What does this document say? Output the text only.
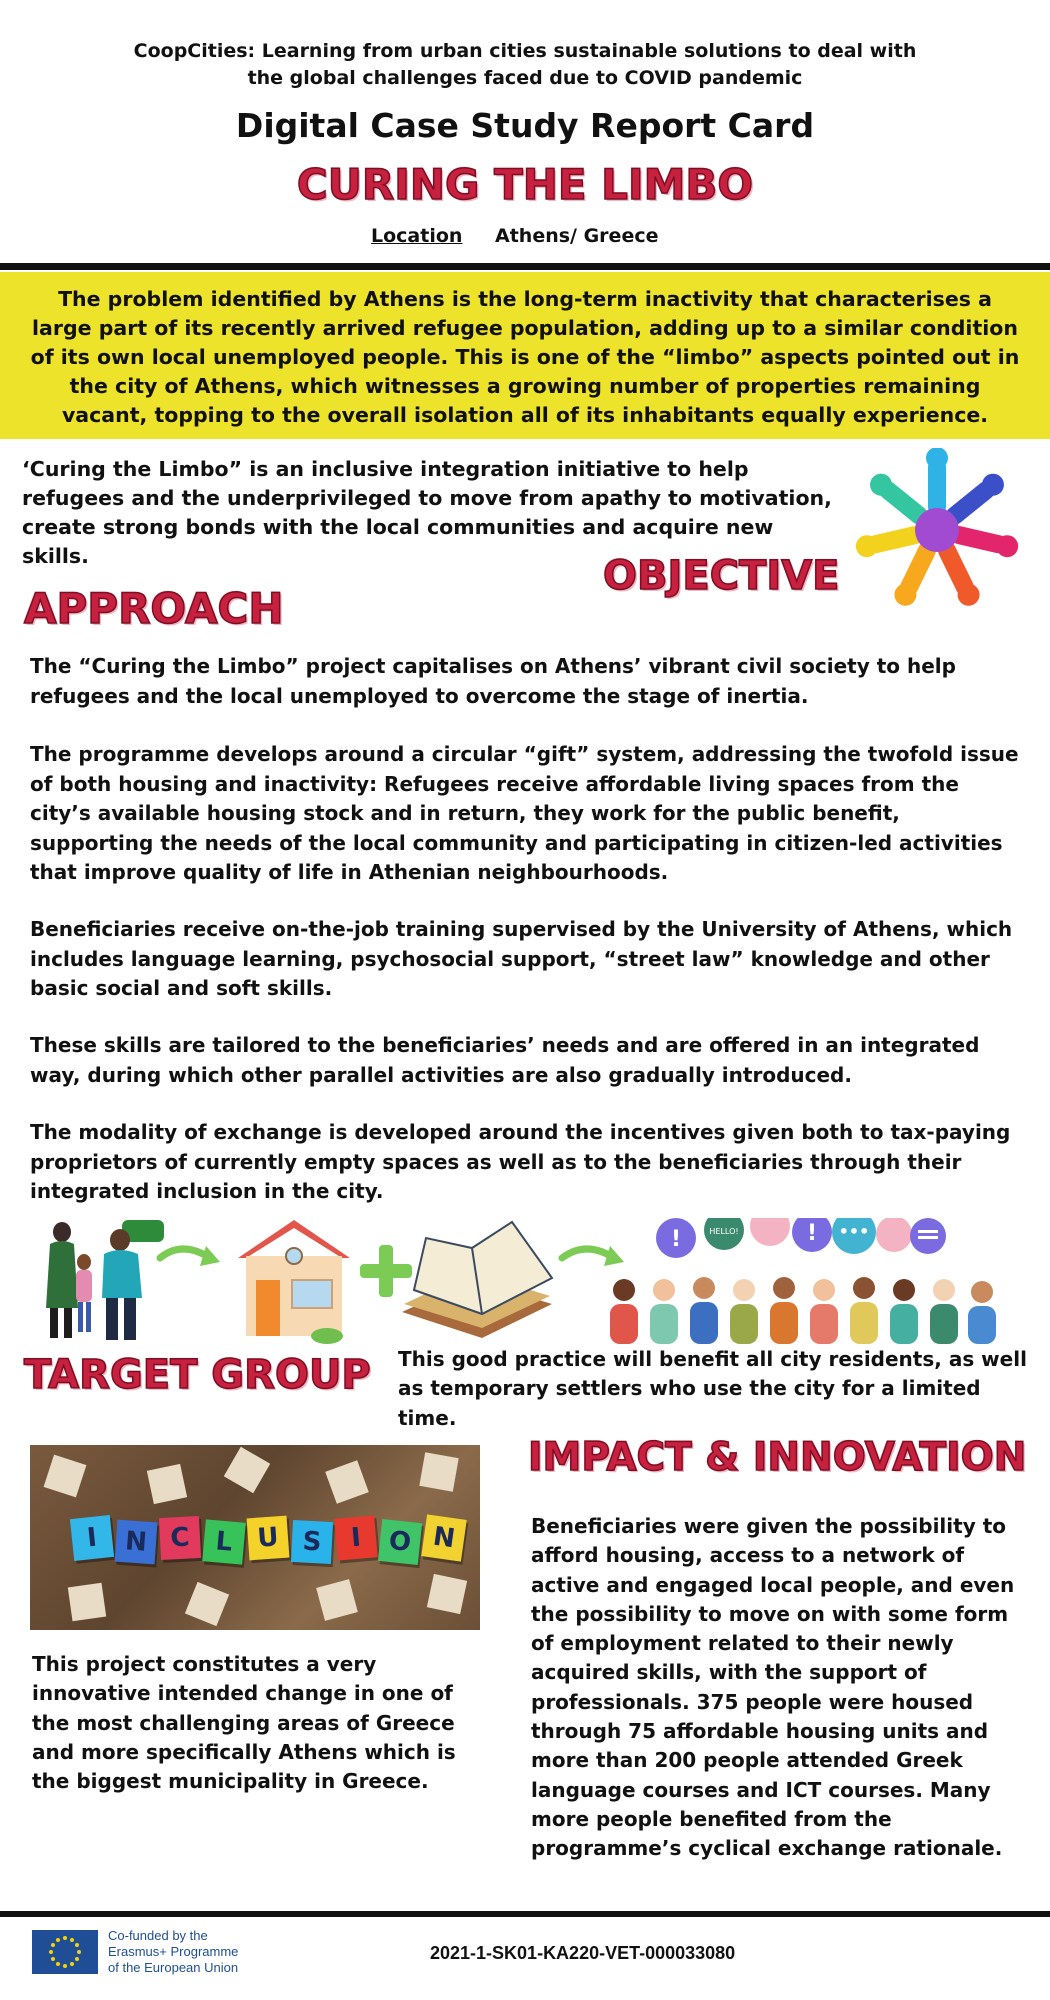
CoopCities: Learning from urban cities sustainable solutions to deal with
the global challenges faced due to COVID pandemic
Digital Case Study Report Card
CURING THE LIMBO
Location Athens/ Greece
The problem identified by Athens is the long-term inactivity that characterises a large part of its recently arrived refugee population, adding up to a similar condition of its own local unemployed people. This is one of the “limbo” aspects pointed out in the city of Athens, which witnesses a growing number of properties remaining vacant, topping to the overall isolation all of its inhabitants equally experience.
‘Curing the Limbo” is an inclusive integration initiative to help refugees and the underprivileged to move from apathy to motivation, create strong bonds with the local communities and acquire new skills.	OBJECTIVE
APPROACH
The “Curing the Limbo” project capitalises on Athens’ vibrant civil society to help refugees and the local unemployed to overcome the stage of inertia.
The programme develops around a circular “gift” system, addressing the twofold issue of both housing and inactivity: Refugees receive affordable living spaces from the city’s available housing stock and in return, they work for the public benefit, supporting the needs of the local community and participating in citizen-led activities that improve quality of life in Athenian neighbourhoods.
Beneficiaries receive on-the-job training supervised by the University of Athens, which includes language learning, psychosocial support, “street law” knowledge and other basic social and soft skills.
These skills are tailored to the beneficiaries’ needs and are offered in an integrated way, during which other parallel activities are also gradually introduced.
The modality of exchange is developed around the incentives given both to tax-paying proprietors of currently empty spaces as well as to the beneficiaries through their integrated inclusion in the city.
!	HELLO!	! •••
TARGET GROUP This good practice will benefit all city residents, as well as temporary settlers who use the city for a limited time.
I N C L U S	I O N
This project constitutes a very innovative intended change in one of the most challenging areas of Greece and more specifically Athens which is the biggest municipality in Greece.
IMPACT & INNOVATION
Beneficiaries were given the possibility to afford housing, access to a network of active and engaged local people, and even the possibility to move on with some form of employment related to their newly acquired skills, with the support of professionals. 375 people were housed through 75 affordable housing units and more than 200 people attended Greek language courses and ICT courses. Many more people benefited from the programme’s cyclical exchange rationale.
Co-funded by the
Erasmus+ Programme
of the European Union
2021-1-SK01-KA220-VET-000033080
